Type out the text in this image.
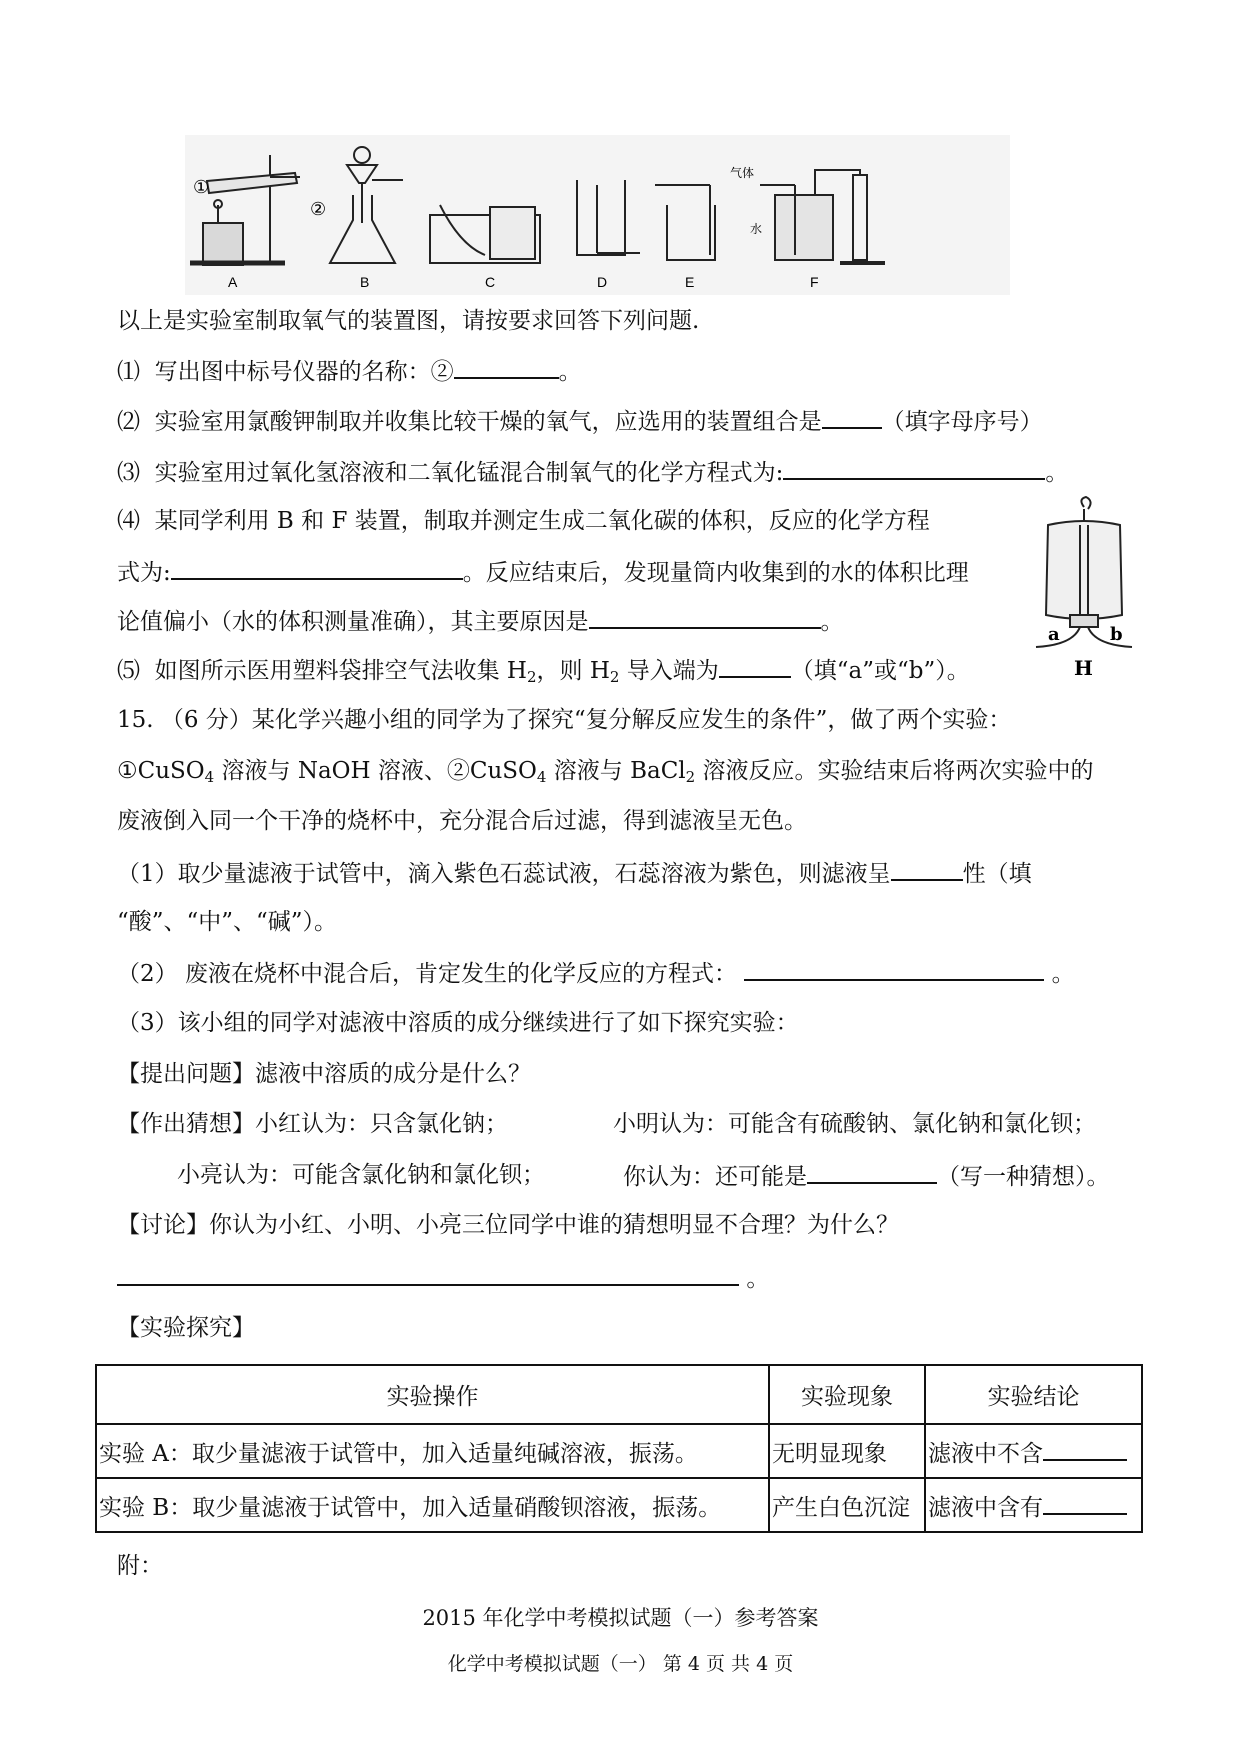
①
②
气体
水
A	B	C	D	E	F
a	b
H
以上是实验室制取氧气的装置图，请按要求回答下列问题.
⑴ 写出图中标号仪器的名称：②	。
⑵ 实验室用氯酸钾制取并收集比较干燥的氧气，应选用的装置组合是	（填字母序号）
⑶ 实验室用过氧化氢溶液和二氧化锰混合制氧气的化学方程式为:	。
⑷ 某同学利用 B 和 F 装置，制取并测定生成二氧化碳的体积，反应的化学方程
式为:	。反应结束后，发现量筒内收集到的水的体积比理
论值偏小（水的体积测量准确），其主要原因是	。
⑸ 如图所示医用塑料袋排空气法收集 $H_2$，则 $H_2$ 导入端为	（填“a”或“b”）。
15. （6 分）某化学兴趣小组的同学为了探究“复分解反应发生的条件”，做了两个实验：
①CuSO$_4$ 溶液与 NaOH 溶液、②CuSO$_4$ 溶液与 BaCl$_2$ 溶液反应。实验结束后将两次实验中的
废液倒入同一个干净的烧杯中，充分混合后过滤，得到滤液呈无色。
（1）取少量滤液于试管中，滴入紫色石蕊试液，石蕊溶液为紫色，则滤液呈	性（填
“酸”、“中”、“碱”）。
（2） 废液在烧杯中混合后，肯定发生的化学反应的方程式：	。
（3）该小组的同学对滤液中溶质的成分继续进行了如下探究实验：
【提出问题】滤液中溶质的成分是什么？
【作出猜想】小红认为：只含氯化钠；	小明认为：可能含有硫酸钠、氯化钠和氯化钡；
小亮认为：可能含氯化钠和氯化钡；	你认为：还可能是	（写一种猜想）。
【讨论】你认为小红、小明、小亮三位同学中谁的猜想明显不合理？为什么？
。
【实验探究】
实验操作	实验现象	实验结论
实验 A：取少量滤液于试管中，加入适量纯碱溶液，振荡。	无明显现象	滤液中不含
实验 B：取少量滤液于试管中，加入适量硝酸钡溶液，振荡。	产生白色沉淀	滤液中含有
附：
2015 年化学中考模拟试题（一）参考答案
化学中考模拟试题（一） 第 4 页 共 4 页
